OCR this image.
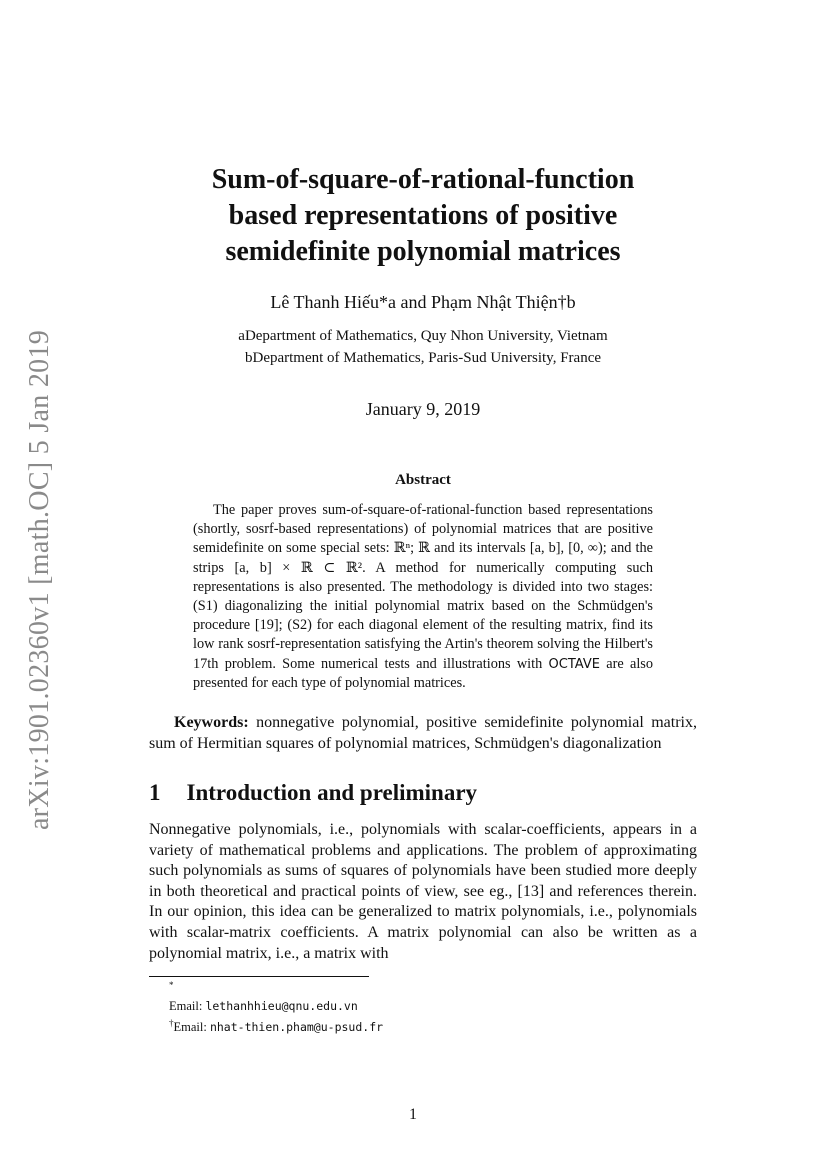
arXiv:1901.02360v1 [math.OC] 5 Jan 2019
Sum-of-square-of-rational-function
based representations of positive
semidefinite polynomial matrices
Lê Thanh Hiếu*a and Phạm Nhật Thiện†b
aDepartment of Mathematics, Quy Nhon University, Vietnam
bDepartment of Mathematics, Paris-Sud University, France
January 9, 2019
Abstract
The paper proves sum-of-square-of-rational-function based representations (shortly, sosrf-based representations) of polynomial matrices that are positive semidefinite on some special sets: ℝⁿ; ℝ and its intervals [a, b], [0, ∞); and the strips [a, b] × ℝ ⊂ ℝ². A method for numerically computing such representations is also presented. The methodology is divided into two stages: (S1) diagonalizing the initial polynomial matrix based on the Schmüdgen's procedure [19]; (S2) for each diagonal element of the resulting matrix, find its low rank sosrf-representation satisfying the Artin's theorem solving the Hilbert's 17th problem. Some numerical tests and illustrations with OCTAVE are also presented for each type of polynomial matrices.
Keywords: nonnegative polynomial, positive semidefinite polynomial matrix, sum of Hermitian squares of polynomial matrices, Schmüdgen's diagonalization
1 Introduction and preliminary
Nonnegative polynomials, i.e., polynomials with scalar-coefficients, appears in a variety of mathematical problems and applications. The problem of approximating such polynomials as sums of squares of polynomials have been studied more deeply in both theoretical and practical points of view, see eg., [13] and references therein. In our opinion, this idea can be generalized to matrix polynomials, i.e., polynomials with scalar-matrix coefficients. A matrix polynomial can also be written as a polynomial matrix, i.e., a matrix with
*
Email: lethanhhieu@qnu.edu.vn
†Email: nhat-thien.pham@u-psud.fr
1
